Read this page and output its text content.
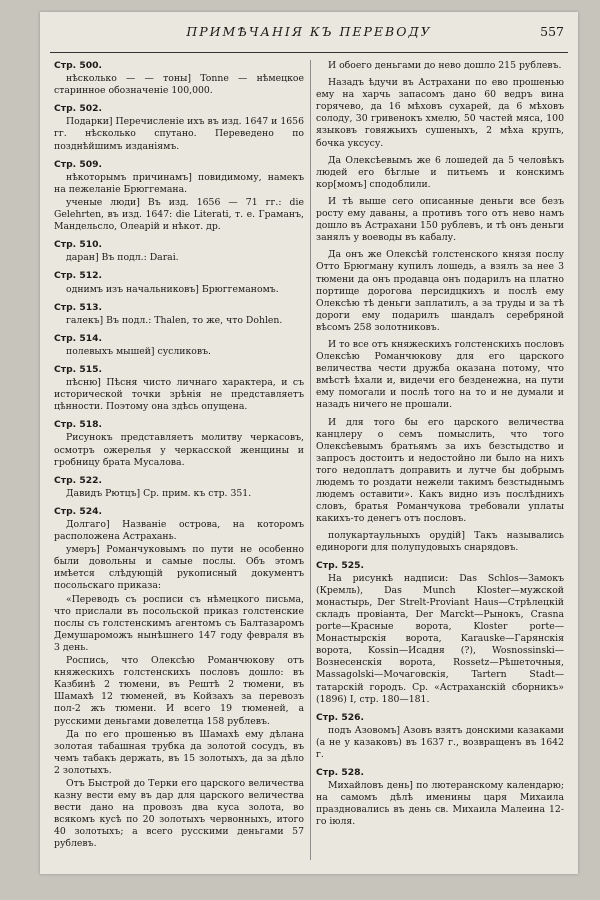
ПРИМѢЧАНІЯ КЪ ПЕРЕВОДУ	557
Стр. 500.

нѣсколько — — тоны] Tonne — нѣмецкое старинное обозначеніе 100,000.

Стр. 502.

Подарки] Перечисленіе ихъ въ изд. 1647 и 1656 гг. нѣсколько спутано. Переведено по позднѣйшимъ изданіямъ.

Стр. 509.

нѣкоторымъ причинамъ] повидимому, намекъ на пежеланіе Брюггемана.

ученые люди] Въ изд. 1656 — 71 гг.: die Gelehrten, въ изд. 1647: die Literati, т. е. Граманъ, Мандельсло, Олеарій и нѣкот. др.

Стр. 510.

даран] Въ подл.: Darai.

Стр. 512.

однимъ изъ начальниковъ] Брюггеманомъ.

Стр. 513.

галекъ] Въ подл.: Thalen, то же, что Dohlen.

Стр. 514.

полевыхъ мышей] сусликовъ.

Стр. 515.

пѣсню] Пѣсня чисто личнаго характера, и съ исторической точки зрѣнія не представляетъ цѣнности. Поэтому она здѣсь опущена.

Стр. 518.

Рисунокъ представляетъ молитву черкасовъ, осмотръ ожерелья у черкасской женщины и гробницу брата Мусалова.

Стр. 522.

Давидъ Рютцъ] Ср. прим. къ стр. 351.

Стр. 524.

Долгаго] Названіе острова, на которомъ расположена Астрахань.

умеръ] Романчуковымъ по пути не особенно были довольны и самые послы. Объ этомъ имѣется слѣдующій рукописный документъ посольскаго приказа:

«Переводъ съ росписи съ нѣмецкого письма, что прислали въ посольской приказ голстенские послы съ голстенскимъ агентомъ съ Балтазаромъ Демушароможъ нынѣшнего 147 году февраля въ 3 день.

Роспись, что Олексѣю Романчюкову отъ княжескихъ голстенскихъ пословъ дошло: въ Казбинѣ 2 тюмени, въ Рештѣ 2 тюмени, въ Шамахѣ 12 тюменей, въ Койзахъ за перевозъ пол-2 жъ тюмени. И всего 19 тюменей, а русскими деньгами довелетца 158 рублевъ.

Да по его прошенью въ Шамахѣ ему дѣлана золотая табашная трубка да золотой сосудъ, въ чемъ табакъ держать, въ 15 золотыхъ, да за дѣло 2 золотыхъ.

Отъ Быстрой до Терки его царского величества казну вести ему въ дар для царского величества вести дано на провозъ два куса золота, во всякомъ кусѣ по 20 золотыхъ червонныхъ, итого 40 золотыхъ; а всего русскими деньгами 57 рублевъ.

И обоего деньгами до нево дошло 215 рублевъ.

Назадъ ѣдучи въ Астрахани по ево прошенью ему на харчь запасомъ дано 60 ведръ вина горячево, да 16 мѣховъ сухарей, да 6 мѣховъ солоду, 30 гривенокъ хмелю, 50 частей мяса, 100 языковъ говяжьихъ сушеныхъ, 2 мѣха крупъ, бочка уксусу.

Да Олексѣевымъ же 6 лошедей да 5 человѣкъ людей его бѣглые и питьемъ и конскимъ кор[момъ] сподоблили.

И тѣ выше сего описанные деньги все безъ росту ему даваны, а противъ того отъ нево намъ дошло въ Астрахани 150 рублевъ, и тѣ онъ деньги занялъ у воеводы въ кабалу.

Да онъ же Олексѣй голстенского князя послу Отто Брюгману купилъ лошедь, а взялъ за нее 3 тюмени да онъ продавца онъ подарилъ на платно портище дорогова персидцкихъ и послѣ ему Олексѣю тѣ деньги заплатилъ, а за труды и за тѣ дороги ему подарилъ шандалъ серебряной вѣсомъ 258 золотниковъ.

И то все отъ княжескихъ голстенскихъ пословъ Олексѣю Романчюкову для его царского величества чести дружба оказана потому, что вмѣстѣ ѣхали и, видечи его безденежна, на пути ему помогали и послѣ того на то и не думали и назадъ ничего не прошали.

И для того бы его царского величества канцлеру о семъ помыслить, что того Олексѣевымъ братьямъ за ихъ безстыдство и запросъ достоитъ и недостойно ли было на нихъ того недоплатъ доправить и лутче бы добрымъ людемъ то роздати нежели такимъ безстыднымъ людемъ оставити». Какъ видно изъ послѣднихъ словъ, братья Романчукова требовали уплаты какихъ-то денегъ отъ пословъ.

полукартаульныхъ орудій] Такъ назывались единороги для полупудовыхъ снарядовъ.

Стр. 525.

На рисункѣ надписи: Das Schlos—Замокъ (Кремль), Das Munch Kloster—мужской монастырь, Der Strelt-Proviant Haus—Стрѣлецкій складъ провіанта, Der Marckt—Рынокъ, Crasna porte—Красные ворота, Kloster porte—Монастырскія ворота, Karauske—Гарянскія ворота, Kossin—Исадня (?), Wosnossinski—Вознесенскія ворота, Rossetz—Рѣшеточныя, Massagolski—Мочаговскія, Tartern Stadt—татарскій городъ. Ср. «Астраханскій сборникъ» (1896) I, стр. 180—181.

Стр. 526.

подъ Азовомъ] Азовъ взятъ донскими казаками (а не у казаковъ) въ 1637 г., возвращенъ въ 1642 г.

Стр. 528.

Михайловъ день] по лютеранскому календарю; на самомъ дѣлѣ именины царя Михаила праздновались въ день св. Михаила Малеина 12-го іюля.
